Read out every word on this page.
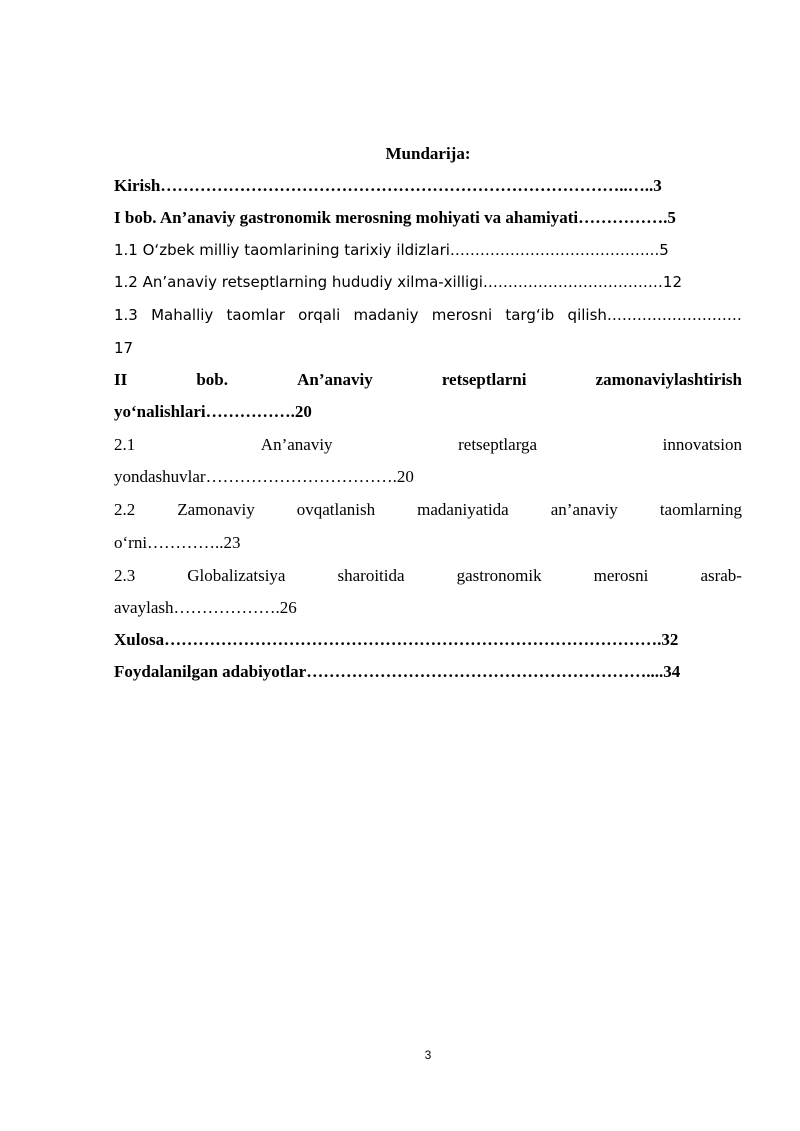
Mundarija:
Kirish………………………………………………………………………..…..3
I bob. An’anaviy gastronomik merosning mohiyati va ahamiyati…………….5
1.1 O‘zbek milliy taomlarining tarixiy ildizlari…………………………………...5
1.2 An’anaviy retseptlarning hududiy xilma-xilligi………………………………12
1.3 Mahalliy taomlar orqali madaniy merosni targ‘ib qilish………………………
17
II	bob.	An’anaviy	retseptlarni	zamonaviylashtirish
yo‘nalishlari…………….20
2.1	An’anaviy	retseptlarga	innovatsion
yondashuvlar…………………………….20
2.2 Zamonaviy ovqatlanish madaniyatida an’anaviy taomlarning
o‘rni…………..23
2.3	Globalizatsiya	sharoitida	gastronomik	merosni	asrab-
avaylash……………….26
Xulosa…………………………………………………………………………….32
Foydalanilgan adabiyotlar……………………………………………………....34
3
